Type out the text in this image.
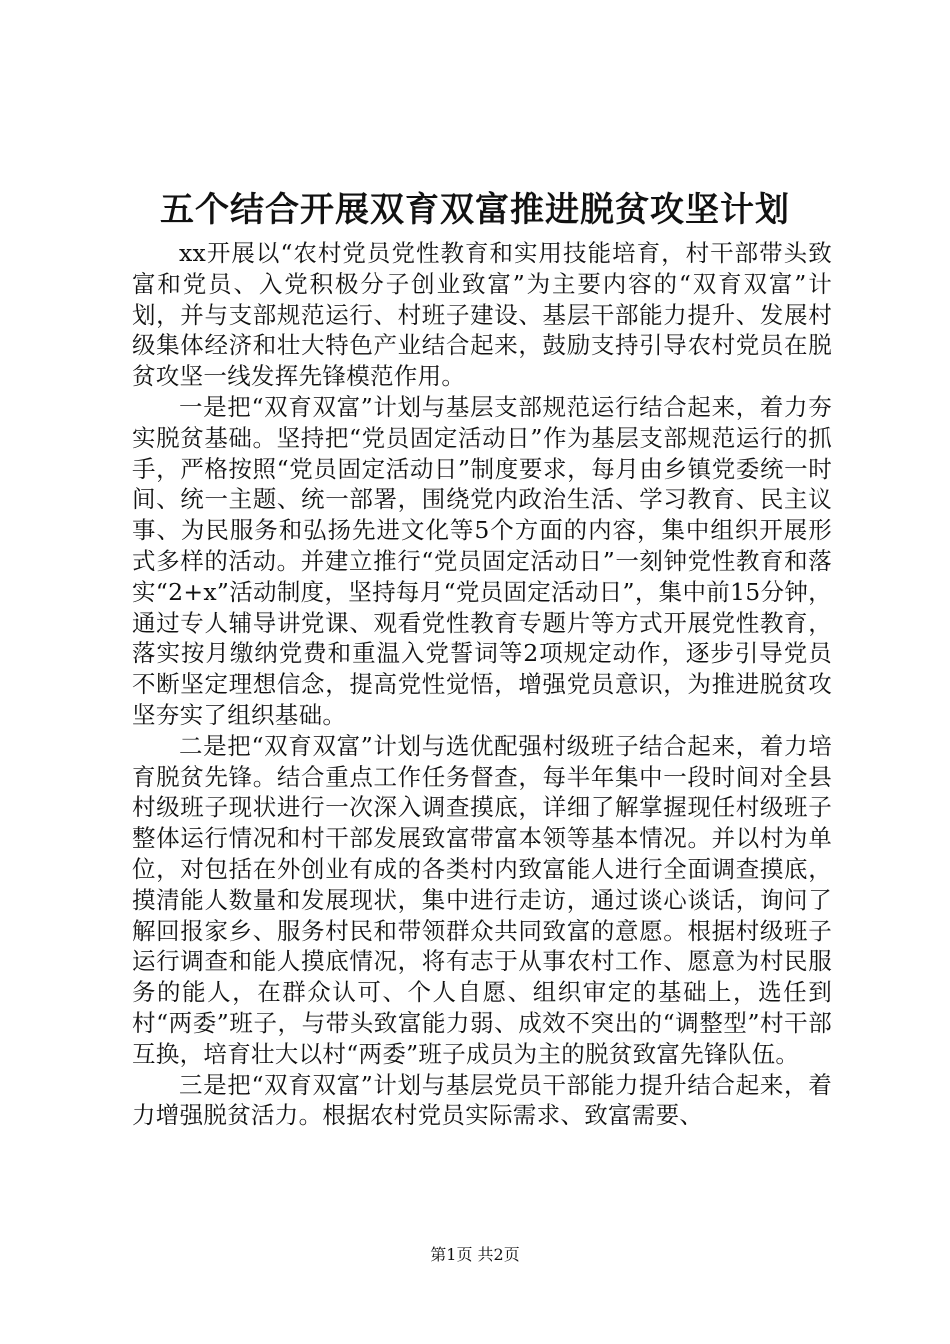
五个结合开展双育双富推进脱贫攻坚计划

xx开展以“农村党员党性教育和实用技能培育，村干部带头致富和党员、入党积极分子创业致富”为主要内容的“双育双富”计划，并与支部规范运行、村班子建设、基层干部能力提升、发展村级集体经济和壮大特色产业结合起来，鼓励支持引导农村党员在脱贫攻坚一线发挥先锋模范作用。

一是把“双育双富”计划与基层支部规范运行结合起来，着力夯实脱贫基础。坚持把“党员固定活动日”作为基层支部规范运行的抓手，严格按照“党员固定活动日”制度要求，每月由乡镇党委统一时间、统一主题、统一部署，围绕党内政治生活、学习教育、民主议事、为民服务和弘扬先进文化等5个方面的内容，集中组织开展形式多样的活动。并建立推行“党员固定活动日”一刻钟党性教育和落实“2+x”活动制度，坚持每月“党员固定活动日”，集中前15分钟，通过专人辅导讲党课、观看党性教育专题片等方式开展党性教育，落实按月缴纳党费和重温入党誓词等2项规定动作，逐步引导党员不断坚定理想信念，提高党性觉悟，增强党员意识，为推进脱贫攻坚夯实了组织基础。

二是把“双育双富”计划与选优配强村级班子结合起来，着力培育脱贫先锋。结合重点工作任务督查，每半年集中一段时间对全县村级班子现状进行一次深入调查摸底，详细了解掌握现任村级班子整体运行情况和村干部发展致富带富本领等基本情况。并以村为单位，对包括在外创业有成的各类村内致富能人进行全面调查摸底，摸清能人数量和发展现状，集中进行走访，通过谈心谈话，询问了解回报家乡、服务村民和带领群众共同致富的意愿。根据村级班子运行调查和能人摸底情况，将有志于从事农村工作、愿意为村民服务的能人，在群众认可、个人自愿、组织审定的基础上，选任到村“两委”班子，与带头致富能力弱、成效不突出的“调整型”村干部互换，培育壮大以村“两委”班子成员为主的脱贫致富先锋队伍。

三是把“双育双富”计划与基层党员干部能力提升结合起来，着力增强脱贫活力。根据农村党员实际需求、致富需要、

第1页 共2页
